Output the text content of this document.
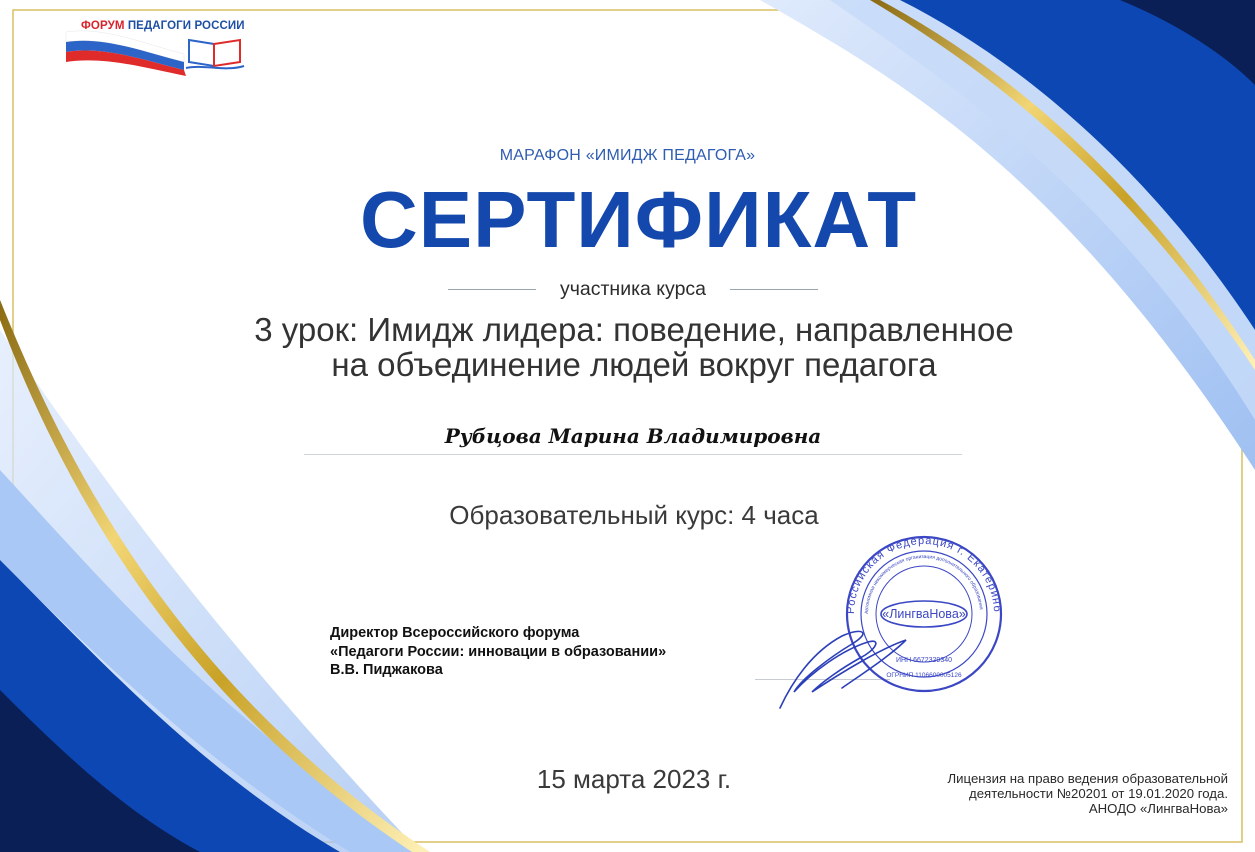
ФОРУМ ПЕДАГОГИ РОССИИ
МАРАФОН «ИМИДЖ ПЕДАГОГА»
СЕРТИФИКАТ
участника курса
3 урок: Имидж лидера: поведение, направленное
на объединение людей вокруг педагога
Рубцова Марина Владимировна
Образовательный курс: 4 часа
Директор Всероссийского форума
«Педагоги России: инновации в образовании»
В.В. Пиджакова
Российская Федерация г. Екатеринб
Автономная некоммерческая организация дополнительного образования
«ЛингваНова»
ИНН 6672329340
ОГРНИП 1106600005126
15 марта 2023 г.	Лицензия на право ведения образовательной
деятельности №20201 от 19.01.2020 года.
АНОДО «ЛингваНова»
